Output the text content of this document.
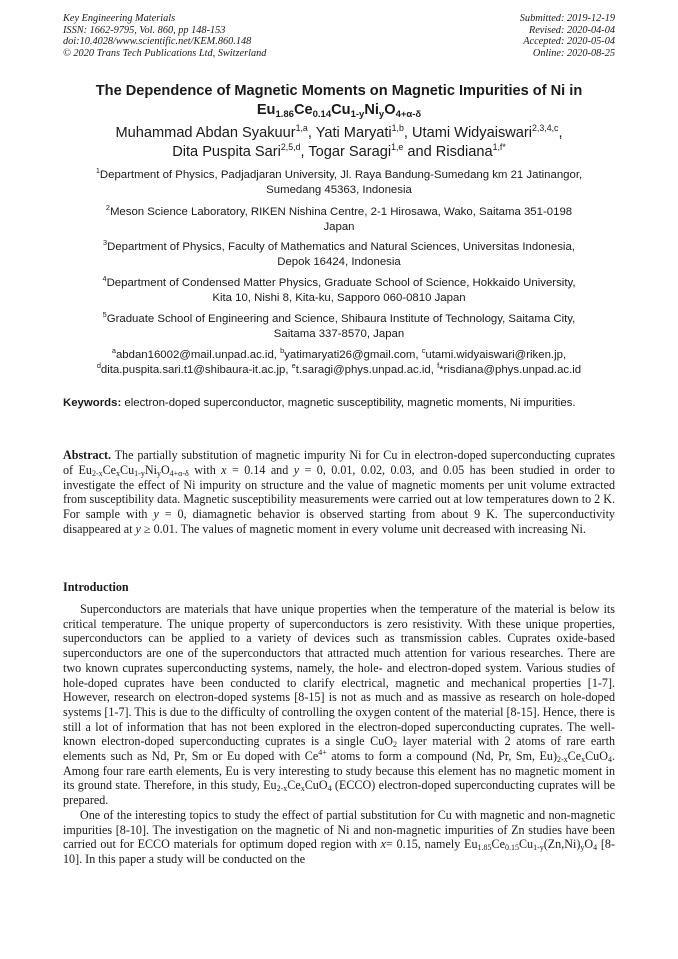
Key Engineering Materials
ISSN: 1662-9795, Vol. 860, pp 148-153
doi:10.4028/www.scientific.net/KEM.860.148
© 2020 Trans Tech Publications Ltd, Switzerland
Submitted: 2019-12-19
Revised: 2020-04-04
Accepted: 2020-05-04
Online: 2020-08-25
The Dependence of Magnetic Moments on Magnetic Impurities of Ni in
$Eu_{1.86}Ce_{0.14}Cu_{1-y}Ni_yO_{4+\alpha-\delta}$
Muhammad Abdan Syakuur$^{1,a}$, Yati Maryati$^{1,b}$, Utami Widyaiswari$^{2,3,4,c}$,
Dita Puspita Sari$^{2,5,d}$, Togar Saragi$^{1,e}$ and Risdiana$^{1,f*}$
$^1$Department of Physics, Padjadjaran University, Jl. Raya Bandung-Sumedang km 21 Jatinangor,
Sumedang 45363, Indonesia
$^2$Meson Science Laboratory, RIKEN Nishina Centre, 2-1 Hirosawa, Wako, Saitama 351-0198
Japan
$^3$Department of Physics, Faculty of Mathematics and Natural Sciences, Universitas Indonesia,
Depok 16424, Indonesia
$^4$Department of Condensed Matter Physics, Graduate School of Science, Hokkaido University,
Kita 10, Nishi 8, Kita-ku, Sapporo 060-0810 Japan
$^5$Graduate School of Engineering and Science, Shibaura Institute of Technology, Saitama City,
Saitama 337-8570, Japan
$^a$abdan16002@mail.unpad.ac.id, $^b$yatimaryati26@gmail.com, $^c$utami.widyaiswari@riken.jp,
$^d$dita.puspita.sari.t1@shibaura-it.ac.jp, $^e$t.saragi@phys.unpad.ac.id, $^f$*risdiana@phys.unpad.ac.id
Keywords: electron-doped superconductor, magnetic susceptibility, magnetic moments, Ni impurities.
Abstract. The partially substitution of magnetic impurity Ni for Cu in electron-doped superconducting cuprates of $Eu_{2-x}Ce_xCu_{1-y}Ni_yO_{4+\alpha-\delta}$ with x = 0.14 and y = 0, 0.01, 0.02, 0.03, and 0.05 has been studied in order to investigate the effect of Ni impurity on structure and the value of magnetic moments per unit volume extracted from susceptibility data. Magnetic susceptibility measurements were carried out at low temperatures down to 2 K. For sample with y = 0, diamagnetic behavior is observed starting from about 9 K. The superconductivity disappeared at y ≥ 0.01. The values of magnetic moment in every volume unit decreased with increasing Ni.
Introduction

Superconductors are materials that have unique properties when the temperature of the material is below its critical temperature. The unique property of superconductors is zero resistivity. With these unique properties, superconductors can be applied to a variety of devices such as transmission cables. Cuprates oxide-based superconductors are one of the superconductors that attracted much attention for various researches. There are two known cuprates superconducting systems, namely, the hole- and electron-doped system. Various studies of hole-doped cuprates have been conducted to clarify electrical, magnetic and mechanical properties [1-7]. However, research on electron-doped systems [8-15] is not as much and as massive as research on hole-doped systems [1-7]. This is due to the difficulty of controlling the oxygen content of the material [8-15]. Hence, there is still a lot of information that has not been explored in the electron-doped superconducting cuprates. The well-known electron-doped superconducting cuprates is a single CuO$_2$ layer material with 2 atoms of rare earth elements such as Nd, Pr, Sm or Eu doped with $Ce^{4+}$ atoms to form a compound (Nd, Pr, Sm, $Eu)_{2-x}Ce_xCuO_4$. Among four rare earth elements, Eu is very interesting to study because this element has no magnetic moment in its ground state. Therefore, in this study, $Eu_{2-x}Ce_xCuO_4$ (ECCO) electron-doped superconducting cuprates will be prepared.

One of the interesting topics to study the effect of partial substitution for Cu with magnetic and non-magnetic impurities [8-10]. The investigation on the magnetic of Ni and non-magnetic impurities of Zn studies have been carried out for ECCO materials for optimum doped region with x= 0.15, namely $Eu_{1.85}Ce_{0.15}Cu_{1-y}(Zn,Ni)_yO_4$ [8-10]. In this paper a study will be conducted on the
